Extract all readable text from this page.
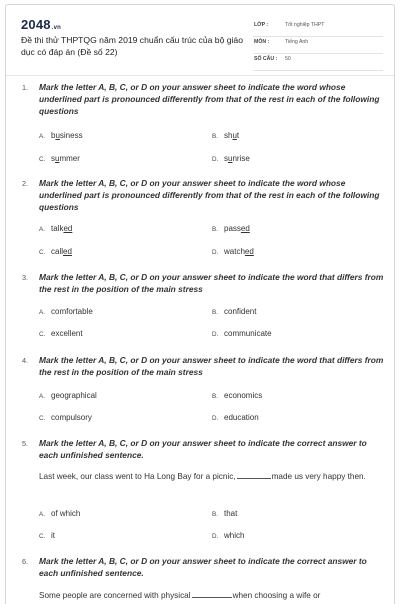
2048.vn
Đề thi thử THPTQG năm 2019 chuẩn cấu trúc của bộ giáo dục có đáp án (Đề số 22)
LỚP :	Tốt nghiệp THPT
MÔN :	Tiếng Anh
SỐ CÂU : 50
1. Mark the letter A, B, C, or D on your answer sheet to indicate the word whose underlined part is pronounced differently from that of the rest in each of the following questions

A. business	B. shut
C. summer	D. sunrise
2. Mark the letter A, B, C, or D on your answer sheet to indicate the word whose underlined part is pronounced differently from that of the rest in each of the following questions

A. talked	B. passed
C. called	D. watched
3. Mark the letter A, B, C, or D on your answer sheet to indicate the word that differs from the rest in the position of the main stress

A. comfortable	B. confident
C. excellent	D. communicate
4. Mark the letter A, B, C, or D on your answer sheet to indicate the word that differs from the rest in the position of the main stress

A. geographical	B. economics
C. compulsory	D. education
5. Mark the letter A, B, C, or D on your answer sheet to indicate the correct answer to each unfinished sentence.

Last week, our class went to Ha Long Bay for a picnic,	made us very happy then.

A. of which	B. that
C. it	D. which
6. Mark the letter A, B, C, or D on your answer sheet to indicate the correct answer to each unfinished sentence.

Some people are concerned with physical	when choosing a wife or
